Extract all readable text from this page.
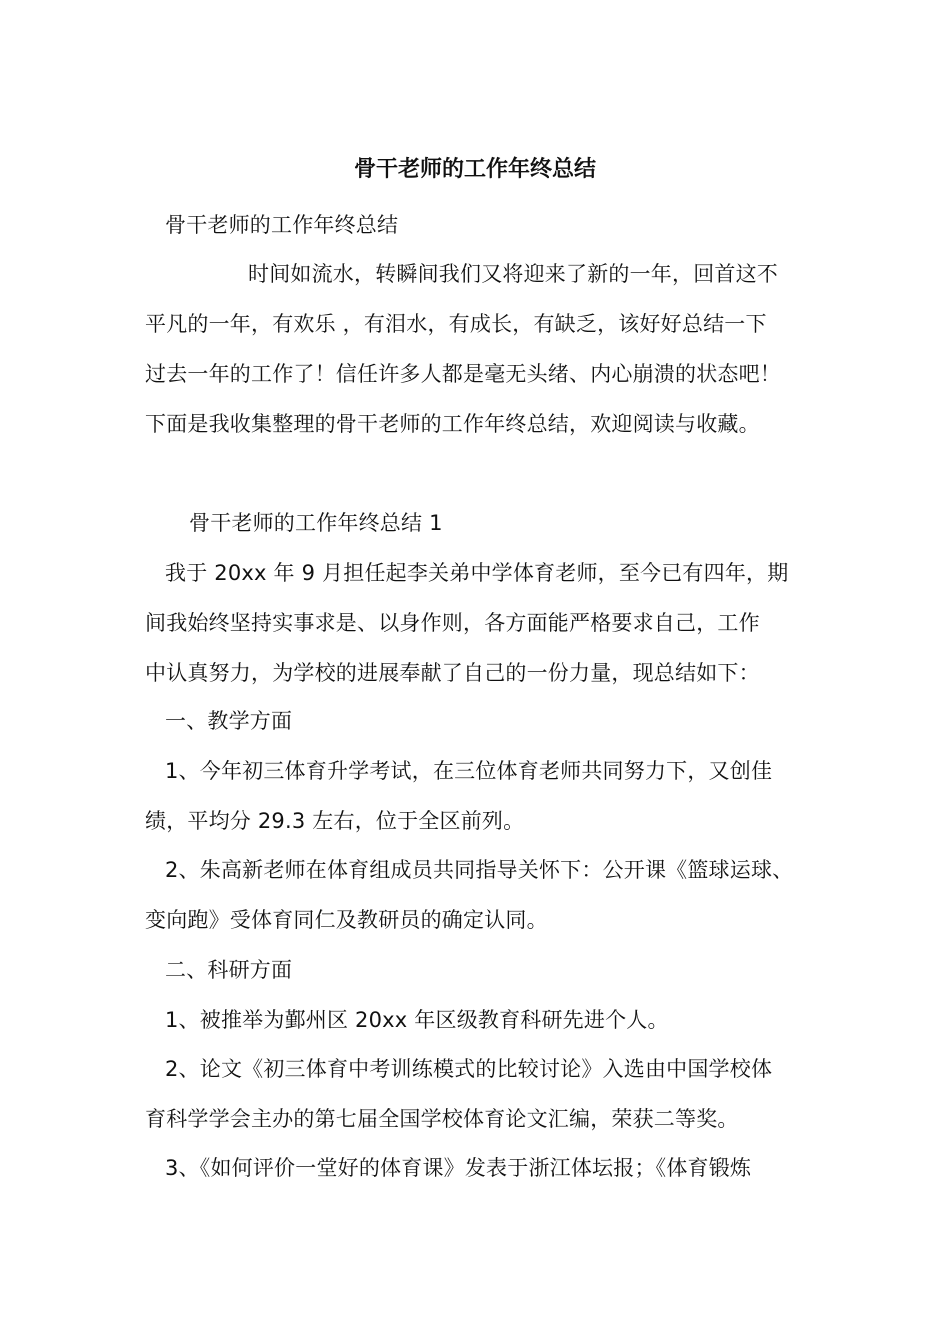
骨干老师的工作年终总结
骨干老师的工作年终总结
时间如流水，转瞬间我们又将迎来了新的一年，回首这不
平凡的一年，有欢乐 ，有泪水，有成长，有缺乏，该好好总结一下
过去一年的工作了！信任许多人都是毫无头绪、内心崩溃的状态吧！
下面是我收集整理的骨干老师的工作年终总结，欢迎阅读与收藏。
骨干老师的工作年终总结 1
我于 20xx 年 9 月担任起李关弟中学体育老师，至今已有四年，期
间我始终坚持实事求是、以身作则，各方面能严格要求自己，工作
中认真努力，为学校的进展奉献了自己的一份力量，现总结如下：
一、教学方面
1、今年初三体育升学考试，在三位体育老师共同努力下，又创佳
绩，平均分 29.3 左右，位于全区前列。
2、朱高新老师在体育组成员共同指导关怀下：公开课《篮球运球、
变向跑》受体育同仁及教研员的确定认同。
二、科研方面
1、被推举为鄞州区 20xx 年区级教育科研先进个人。
2、论文《初三体育中考训练模式的比较讨论》入选由中国学校体
育科学学会主办的第七届全国学校体育论文汇编，荣获二等奖。
3、《如何评价一堂好的体育课》发表于浙江体坛报；《体育锻炼
